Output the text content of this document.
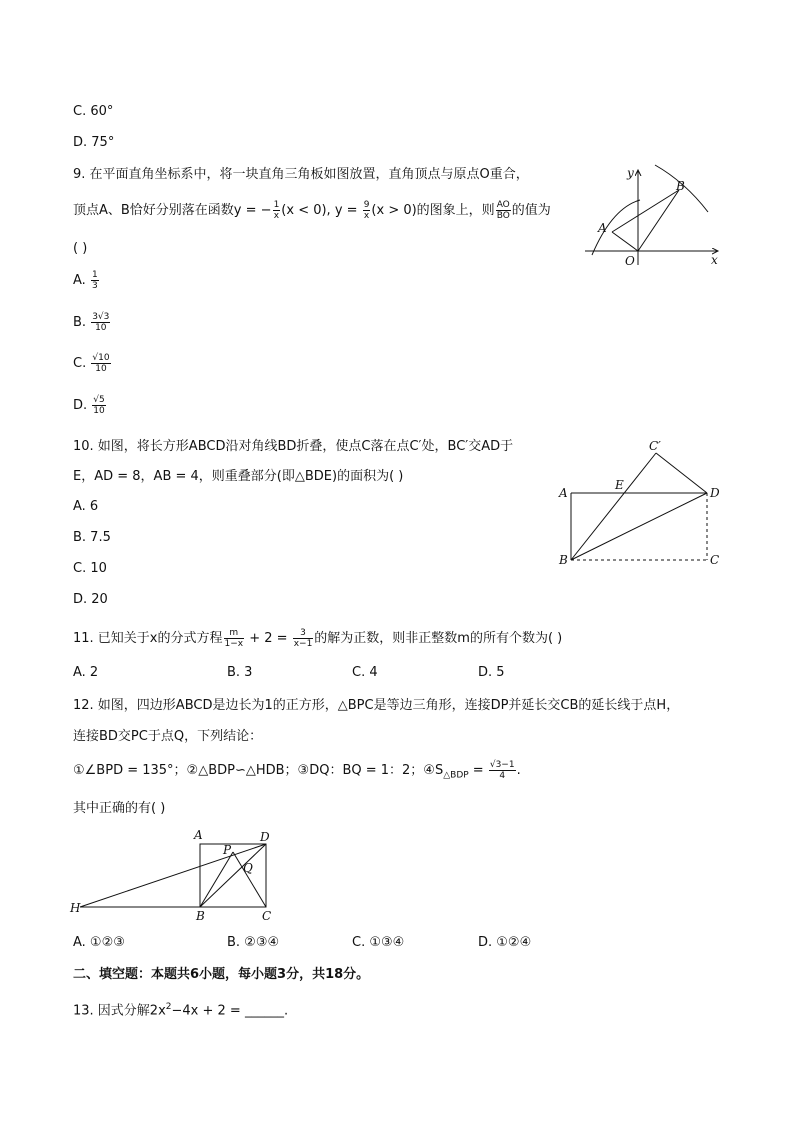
C. 60°
D. 75°
9. 在平面直角坐标系中，将一块直角三角板如图放置，直角顶点与原点O重合，
顶点A、B恰好分别落在函数y = − $\frac{1}{x} (x < 0)$, $y = \frac{9}{x} (x > 0)$的图象上，则 $\frac{AO}{BO}$ 的值为
( )
A. $\frac{1}{3}$
B. $\frac{3√3}{10}$
C. $\frac{√10}{10}$
D. $\frac{√5}{10}$
y
x
A
B
O
10. 如图，将长方形ABCD沿对角线BD折叠，使点C落在点C′处，BC′交AD于
E，AD = 8，AB = 4，则重叠部分(即△BDE)的面积为( )
A. 6
B. 7.5
C. 10
D. 20
C′
A
E
D
B	C
11. 已知关于x的分式方程 $\frac{m}{1-x} + 2 = \frac{3}{x-1}$ 的解为正数，则非正整数m的所有个数为( )
A. 2	B. 3	C. 4	D. 5
12. 如图，四边形ABCD是边长为1的正方形，△BPC是等边三角形，连接DP并延长交CB的延长线于点H，
连接BD交PC于点Q，下列结论：
①∠BPD = 135°；②△BDP∽△HDB；③DQ：BQ = 1：2；$④S_{\triangle BDP} = \frac{√3-1}{4}$ .
其中正确的有( )
A	D
P
Q
H
B	C
A. ①②③	B. ②③④	C. ①③④	D. ①②④
二、填空题：本题共6小题，每小题3分，共18分。
13. 因式分解$2x^2-4x + 2$ = ______.
